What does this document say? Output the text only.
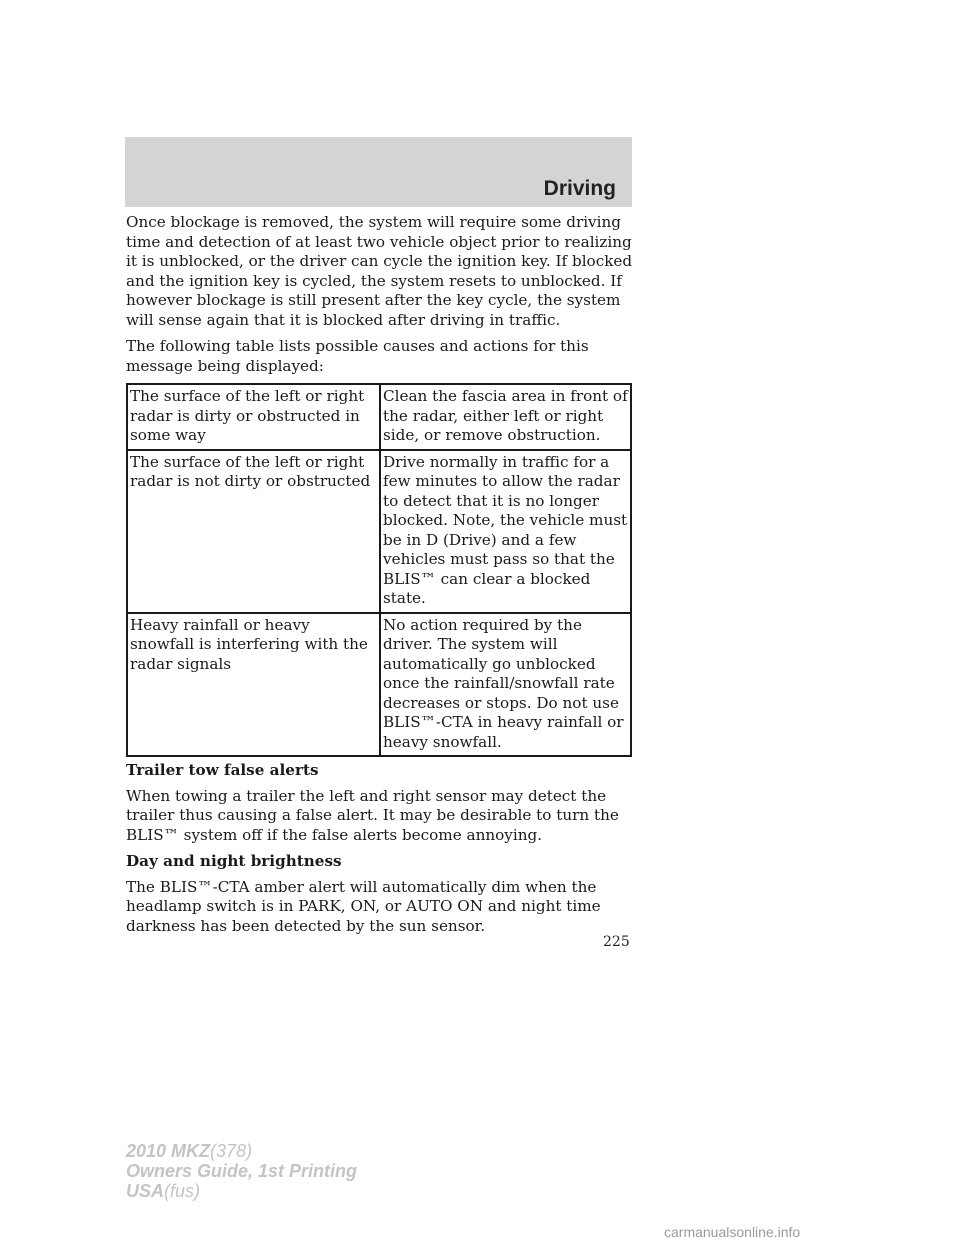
Driving

Once blockage is removed, the system will require some driving time and detection of at least two vehicle object prior to realizing it is unblocked, or the driver can cycle the ignition key. If blocked and the ignition key is cycled, the system resets to unblocked. If however blockage is still present after the key cycle, the system will sense again that it is blocked after driving in traffic.

The following table lists possible causes and actions for this message being displayed:

The surface of the left or right radar is dirty or obstructed in some way	Clean the fascia area in front of the radar, either left or right side, or remove obstruction.
The surface of the left or right radar is not dirty or obstructed	Drive normally in traffic for a few minutes to allow the radar to detect that it is no longer blocked. Note, the vehicle must be in D (Drive) and a few vehicles must pass so that the BLIS™ can clear a blocked state.
Heavy rainfall or heavy snowfall is interfering with the radar signals	No action required by the driver. The system will automatically go unblocked once the rainfall/snowfall rate decreases or stops. Do not use BLIS™-CTA in heavy rainfall or heavy snowfall.
Trailer tow false alerts

When towing a trailer the left and right sensor may detect the trailer thus causing a false alert. It may be desirable to turn the BLIS™ system off if the false alerts become annoying.

Day and night brightness

The BLIS™-CTA amber alert will automatically dim when the headlamp switch is in PARK, ON, or AUTO ON and night time darkness has been detected by the sun sensor.

225
2010 MKZ(378)
Owners Guide, 1st Printing
USA(fus)
carmanualsonline.info
